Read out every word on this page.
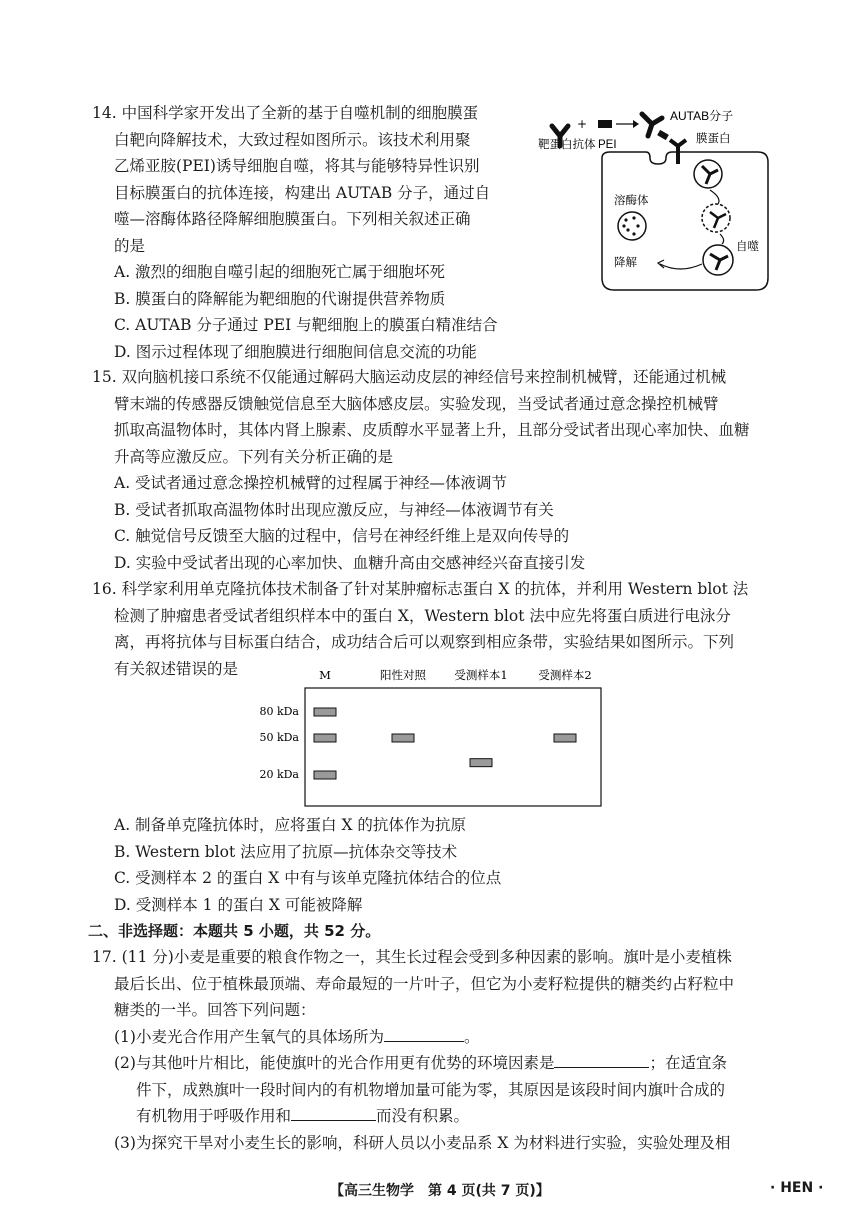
14. 中国科学家开发出了全新的基于自噬机制的细胞膜蛋

白靶向降解技术，大致过程如图所示。该技术利用聚

乙烯亚胺(PEI)诱导细胞自噬，将其与能够特异性识别

目标膜蛋白的抗体连接，构建出 AUTAB 分子，通过自

噬—溶酶体路径降解细胞膜蛋白。下列相关叙述正确

的是

A. 激烈的细胞自噬引起的细胞死亡属于细胞坏死

B. 膜蛋白的降解能为靶细胞的代谢提供营养物质

C. AUTAB 分子通过 PEI 与靶细胞上的膜蛋白精准结合

D. 图示过程体现了细胞膜进行细胞间信息交流的功能

+
AUTAB分子
靶蛋白抗体 PEI	膜蛋白
溶酶体
降解
自噬

15. 双向脑机接口系统不仅能通过解码大脑运动皮层的神经信号来控制机械臂，还能通过机械

臂末端的传感器反馈触觉信息至大脑体感皮层。实验发现，当受试者通过意念操控机械臂

抓取高温物体时，其体内肾上腺素、皮质醇水平显著上升，且部分受试者出现心率加快、血糖

升高等应激反应。下列有关分析正确的是

A. 受试者通过意念操控机械臂的过程属于神经—体液调节

B. 受试者抓取高温物体时出现应激反应，与神经—体液调节有关

C. 触觉信号反馈至大脑的过程中，信号在神经纤维上是双向传导的

D. 实验中受试者出现的心率加快、血糖升高由交感神经兴奋直接引发

16. 科学家利用单克隆抗体技术制备了针对某肿瘤标志蛋白 X 的抗体，并利用 Western blot 法

检测了肿瘤患者受试者组织样本中的蛋白 X，Western blot 法中应先将蛋白质进行电泳分

离，再将抗体与目标蛋白结合，成功结合后可以观察到相应条带，实验结果如图所示。下列

有关叙述错误的是	M	阳性对照 受测样本1	受测样本2
80 kDa
50 kDa
20 kDa

A. 制备单克隆抗体时，应将蛋白 X 的抗体作为抗原

B. Western blot 法应用了抗原—抗体杂交等技术

C. 受测样本 2 的蛋白 X 中有与该单克隆抗体结合的位点

D. 受测样本 1 的蛋白 X 可能被降解

二、非选择题：本题共 5 小题，共 52 分。

17. (11 分)小麦是重要的粮食作物之一，其生长过程会受到多种因素的影响。旗叶是小麦植株

最后长出、位于植株最顶端、寿命最短的一片叶子，但它为小麦籽粒提供的糖类约占籽粒中

糖类的一半。回答下列问题：

(1)小麦光合作用产生氧气的具体场所为	。

(2)与其他叶片相比，能使旗叶的光合作用更有优势的环境因素是	；在适宜条

件下，成熟旗叶一段时间内的有机物增加量可能为零，其原因是该段时间内旗叶合成的

有机物用于呼吸作用和	而没有积累。

(3)为探究干旱对小麦生长的影响，科研人员以小麦品系 X 为材料进行实验，实验处理及相

【高三生物学　第 4 页(共 7 页)】	· HEN ·
